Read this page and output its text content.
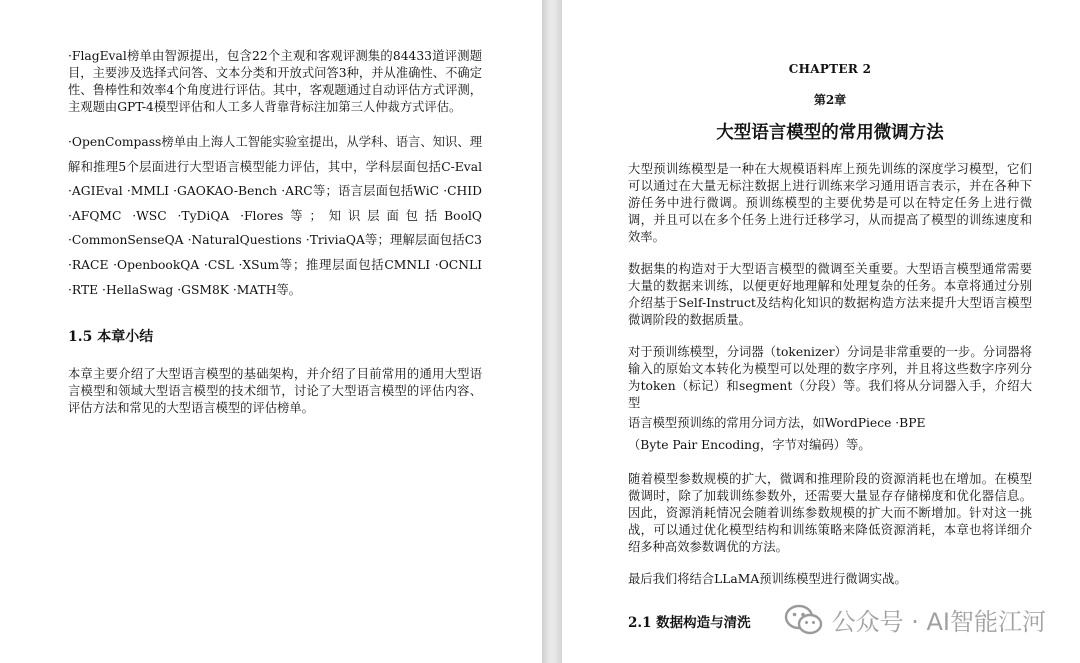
·FlagEval榜单由智源提出，包含22个主观和客观评测集的84433道评测题目，主要涉及选择式问答、文本分类和开放式问答3种，并从准确性、不确定性、鲁棒性和效率4个角度进行评估。其中，客观题通过自动评估方式评测，主观题由GPT-4模型评估和人工多人背靠背标注加第三人仲裁方式评估。

·OpenCompass榜单由上海人工智能实验室提出，从学科、语言、知识、理解和推理5个层面进行大型语言模型能力评估，其中，学科层面包括C-Eval ·AGIEval ·MMLI ·GAOKAO-Bench ·ARC等；语言层面包括WiC ·CHID ·AFQMC ·WSC ·TyDiQA ·Flores等；知识层面包括BoolQ ·CommonSenseQA ·NaturalQuestions ·TriviaQA等；理解层面包括C3 ·RACE ·OpenbookQA ·CSL ·XSum等；推理层面包括CMNLI ·OCNLI ·RTE ·HellaSwag ·GSM8K ·MATH等。

1.5 本章小结

本章主要介绍了大型语言模型的基础架构，并介绍了目前常用的通用大型语言模型和领域大型语言模型的技术细节，讨论了大型语言模型的评估内容、评估方法和常见的大型语言模型的评估榜单。

CHAPTER 2
第2章
大型语言模型的常用微调方法

大型预训练模型是一种在大规模语料库上预先训练的深度学习模型，它们可以通过在大量无标注数据上进行训练来学习通用语言表示，并在各种下游任务中进行微调。预训练模型的主要优势是可以在特定任务上进行微调，并且可以在多个任务上进行迁移学习，从而提高了模型的训练速度和效率。

数据集的构造对于大型语言模型的微调至关重要。大型语言模型通常需要大量的数据来训练，以便更好地理解和处理复杂的任务。本章将通过分别介绍基于Self-Instruct及结构化知识的数据构造方法来提升大型语言模型微调阶段的数据质量。

对于预训练模型，分词器（tokenizer）分词是非常重要的一步。分词器将输入的原始文本转化为模型可以处理的数字序列，并且将这些数字序列分为token（标记）和segment（分段）等。我们将从分词器入手，介绍大型
语言模型预训练的常用分词方法，如WordPiece ·BPE
（Byte Pair Encoding，字节对编码）等。

随着模型参数规模的扩大，微调和推理阶段的资源消耗也在增加。在模型微调时，除了加载训练参数外，还需要大量显存存储梯度和优化器信息。因此，资源消耗情况会随着训练参数规模的扩大而不断增加。针对这一挑战，可以通过优化模型结构和训练策略来降低资源消耗，本章也将详细介绍多种高效参数调优的方法。

最后我们将结合LLaMA预训练模型进行微调实战。

2.1 数据构造与清洗	公众号 · AI智能江河
